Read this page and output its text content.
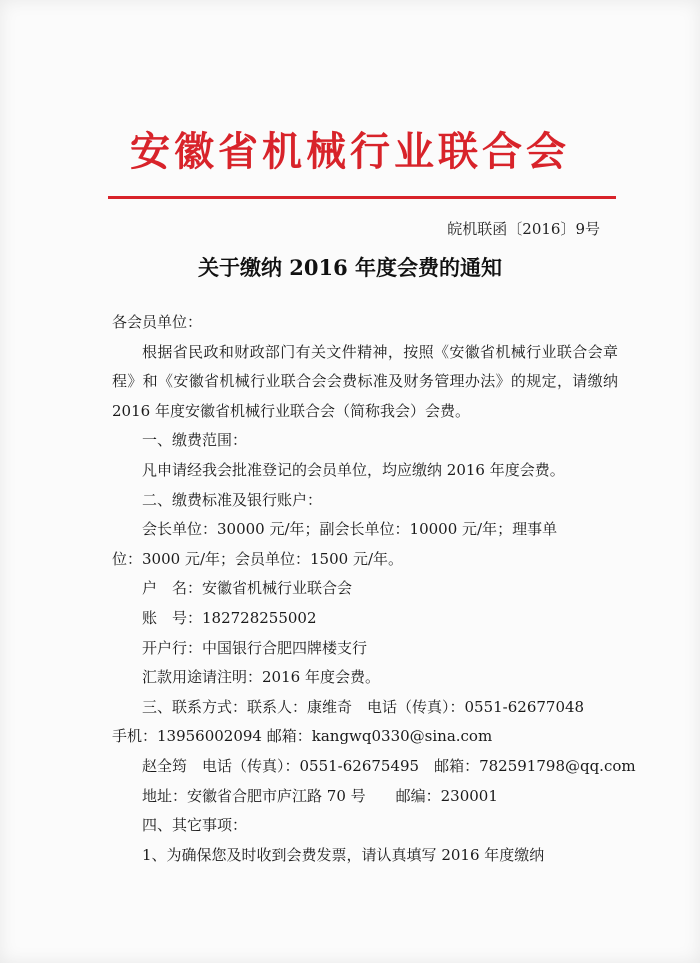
安徽省机械行业联合会
皖机联函〔2016〕9号
关于缴纳 2016 年度会费的通知

各会员单位：

根据省民政和财政部门有关文件精神，按照《安徽省机械行业联合会章程》和《安徽省机械行业联合会会费标准及财务管理办法》的规定，请缴纳 2016 年度安徽省机械行业联合会（简称我会）会费。

一、缴费范围：

凡申请经我会批准登记的会员单位，均应缴纳 2016 年度会费。

二、缴费标准及银行账户：

会长单位：30000 元/年；副会长单位：10000 元/年；理事单

位：3000 元/年；会员单位：1500 元/年。

户　名：安徽省机械行业联合会

账　号：182728255002

开户行：中国银行合肥四牌楼支行

汇款用途请注明：2016 年度会费。

三、联系方式：联系人：康维奇　电话（传真）：0551-62677048

手机：13956002094 邮箱：kangwq0330@sina.com

赵全筠　电话（传真）：0551-62675495　邮箱：782591798@qq.com

地址：安徽省合肥市庐江路 70 号　　邮编：230001

四、其它事项：

1、为确保您及时收到会费发票，请认真填写 2016 年度缴纳
